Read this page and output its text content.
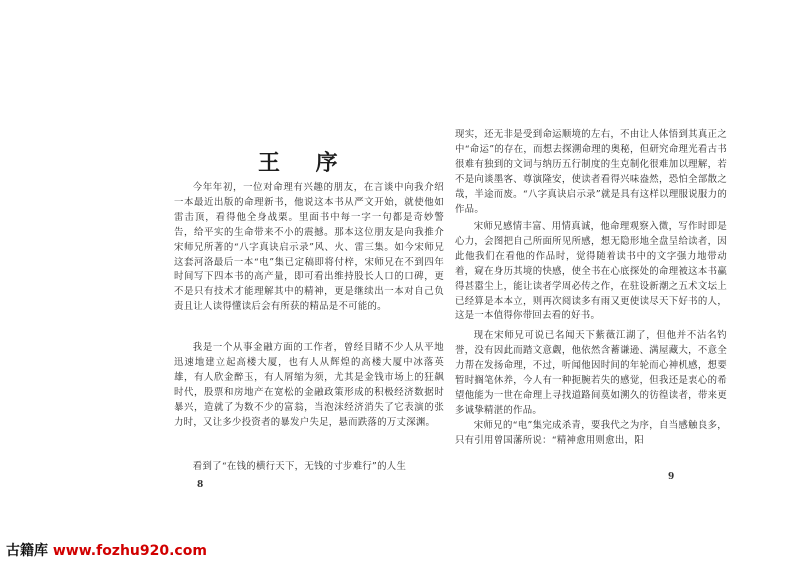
王 序

今年年初，一位对命理有兴趣的朋友，在言谈中向我介绍一本最近出版的命理新书，他说这本书从严文开始，就使他如雷击顶，看得他全身战栗。里面书中每一字一句都是奇妙警告，给平实的生命带来不小的震撼。那本这位朋友是向我推介宋师兄所著的“八字真诀启示录”风、火、雷三集。如今宋师兄这套河洛最后一本“电”集已定稿即将付梓，宋师兄在不到四年时间写下四本书的高产量，即可看出维持股长人口的口碑，更不是只有技术才能理解其中的精神，更是继续出一本对自己负责且让人读得懂读后会有所获的精品是不可能的。

我是一个从事金融方面的工作者，曾经目睹不少人从平地迅速地建立起高楼大厦，也有人从辉煌的高楼大厦中冰落英雄，有人欣金醉玉，有人屑缩为须，尤其是金钱市场上的狂飙时代，股票和房地产在宽松的金融政策形成的积极经济数据时暴兴，造就了为数不少的富翁，当泡沫经济消失了它表演的张力时，又让多少投资者的暴发户失足，悬而跌落的万丈深渊。

看到了“在钱的横行天下，无钱的寸步难行”的人生

8

现实，还无非是受到命运顺境的左右，不由让人体悟到其真正之中“命运”的存在，而想去探溯命理的奥秘，但研究命理光看古书很难有独到的文词与纳历五行制度的生克制化很难加以理解，若不是向谈墨客、尊演隆安，使读者看得兴味盎然，恐怕全部散之哉，半途而废。“八字真诀启示录”就是具有这样以理服说服力的作品。

宋师兄感情丰富、用情真诚，他命理观察入微，写作时即是心力，会图把自己所面所见所感，想无隐形地全盘呈给读者，因此他我们在看他的作品时，觉得随着读书中的文字强力地带动着，窥在身历其境的快感，使全书在心底探处的命理被这本书赢得甚嚣尘上，能让读者学周必传之作，在驻设新潮之五术文坛上已经算是本本立，则再次阅读多有雨又更使读尽天下好书的人，这是一本值得你带回去看的好书。

现在宋师兄可说已名闻天下紫薇江湖了，但他并不沾名钓誉，没有因此而踏文意觑，他依然含蓄谦逊、满屋藏大，不意全力帮在发扬命理，不过，听闻他因时间的年轮而心神机感，想要暂时搁笔休养，今人有一种扼腕若失的感觉，但我还是衷心的希望他能为一世在命理上寻找道路间莫如溯久的彷徨读者，带来更多诚挚精湛的作品。

宋师兄的“电”集完成杀青，要我代之为序，自当感触良多，只有引用曾国藩所说：“精神愈用则愈出，阳

9
古籍库 www.fozhu920.com
